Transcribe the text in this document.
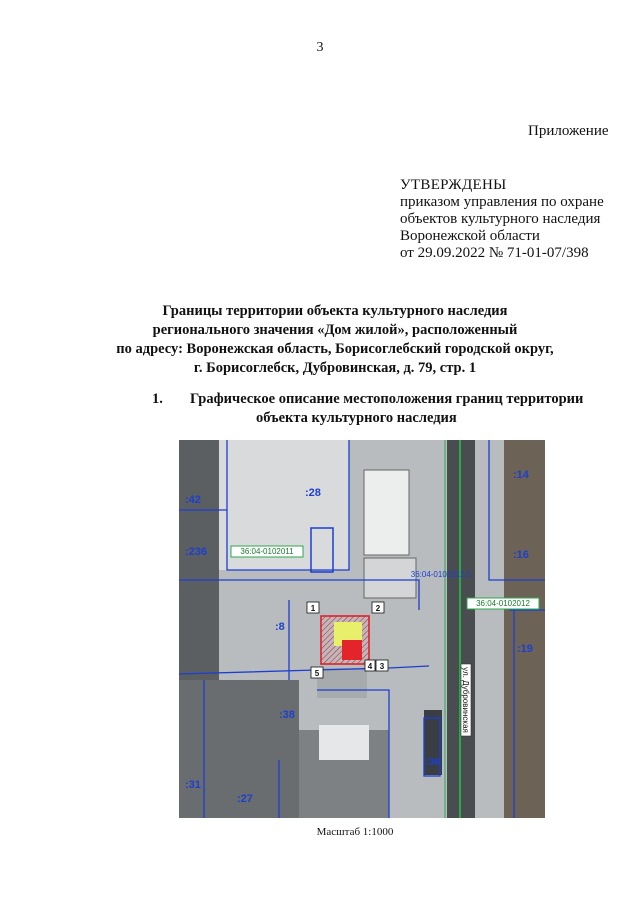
3
Приложение
УТВЕРЖДЕНЫ
приказом управления по охране
объектов культурного наследия
Воронежской области
от 29.09.2022 № 71-01-07/398
Границы территории объекта культурного наследия
регионального значения «Дом жилой», расположенный
по адресу: Воронежская область, Борисоглебский городской округ,
г. Борисоглебск, Дубровинская, д. 79, стр. 1
1. Графическое описание местоположения границ территории
объекта культурного наследия
1	2
3
4
5
36:04-0102011
36:04-0102012
36:04-0102012:5
ул. Дубровинская
:42
:28
:236
:14
:16
:19
:8
:38
:27
:31
:36
Масштаб 1:1000
